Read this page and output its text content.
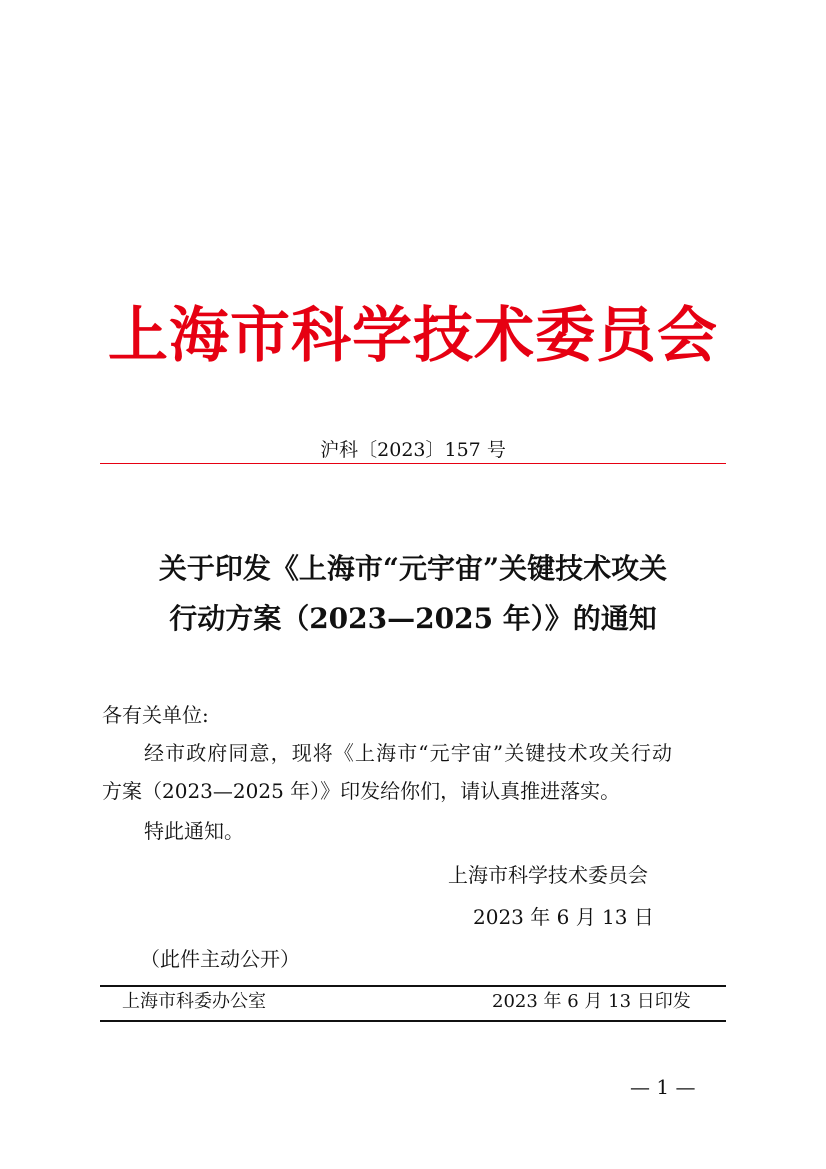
上海市科学技术委员会
沪科〔2023〕157 号
关于印发《上海市“元宇宙”关键技术攻关
行动方案（2023—2025 年）》的通知
各有关单位:
经市政府同意，现将《上海市“元宇宙”关键技术攻关行动
方案（2023—2025 年）》印发给你们，请认真推进落实。
特此通知。
上海市科学技术委员会
2023 年 6 月 13 日
（此件主动公开）
上海市科委办公室	2023 年 6 月 13 日印发
— 1 —
